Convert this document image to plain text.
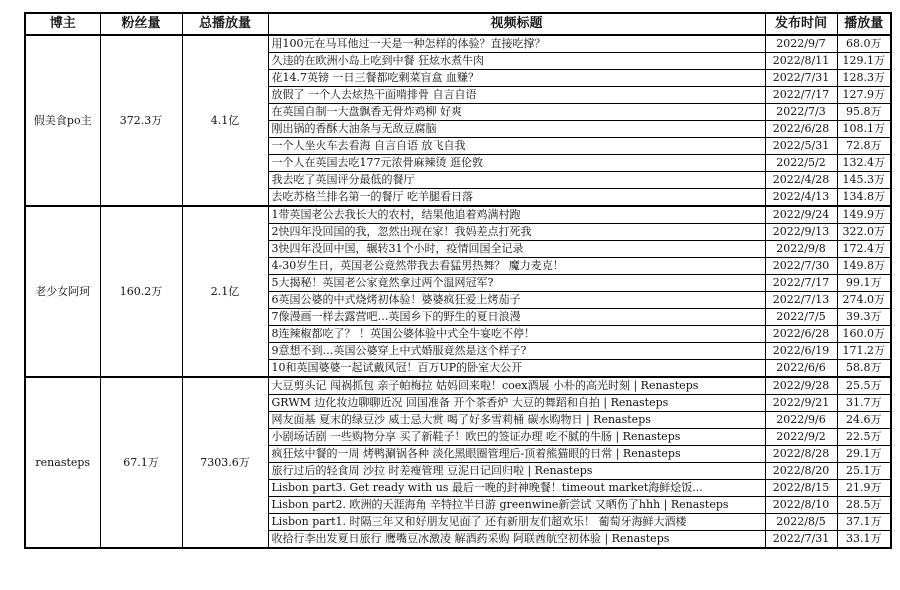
博主	粉丝量	总播放量	视频标题	发布时间	播放量
假美食po主	372.3万	4.1亿	用100元在马耳他过一天是一种怎样的体验？直接吃撑？	2022/9/7	68.0万
			久违的在欧洲小岛上吃到中餐 狂炫水煮牛肉	2022/8/11	129.1万
			花14.7英镑 一日三餐都吃剩菜盲盒 血赚？	2022/7/31	128.3万
			放假了 一个人去炫热干面啃排骨 自言自语	2022/7/17	127.9万
			在英国自制一大盘飘香无骨炸鸡柳 好爽	2022/7/3	95.8万
			刚出锅的香酥大油条与无敌豆腐脑	2022/6/28	108.1万
			一个人坐火车去看海 自言自语 放飞自我	2022/5/31	72.8万
			一个人在英国去吃177元浓骨麻辣烫 逛伦敦	2022/5/2	132.4万
			我去吃了英国评分最低的餐厅	2022/4/28	145.3万
			去吃苏格兰排名第一的餐厅 吃羊腿看日落	2022/4/13	134.8万
老少女阿珂	160.2万	2.1亿	1带英国老公去我长大的农村，结果他追着鸡满村跑	2022/9/24	149.9万
			2快四年没回国的我，忽然出现在家！我妈差点打死我	2022/9/13	322.0万
			3快四年没回中国，辗转31个小时，疫情回国全记录	2022/9/8	172.4万
			4-30岁生日，英国老公竟然带我去看猛男热舞？ 魔力麦克！	2022/7/30	149.8万
			5大揭秘！英国老公家竟然拿过两个温网冠军?	2022/7/17	99.1万
			6英国公婆的中式烧烤初体验！婆婆疯狂爱上烤茄子	2022/7/13	274.0万
			7像漫画一样去露营吧…英国乡下的野生的夏日浪漫	2022/7/5	39.3万
			8连辣椒都吃了？ ！英国公婆体验中式全牛宴吃不停！	2022/6/28	160.0万
			9意想不到…英国公婆穿上中式婚服竟然是这个样子?	2022/6/19	171.2万
			10和英国婆婆一起试戴风冠！百万UP的卧室大公开	2022/6/6	58.8万
renasteps	67.1万	7303.6万	大豆剪头记 闯祸抓包 亲子帕梅拉 姑妈回来啦！coex酒展 小朴的高光时刻 | Renasteps	2022/9/28	25.5万
			GRWM 边化妆边聊聊近况 回国准备 开个茶香炉 大豆的舞蹈和自拍 | Renasteps	2022/9/21	31.7万
			网友面基 夏末的绿豆沙 威士忌大赏 喝了好多雪莉桶 碳水购物日 | Renasteps	2022/9/6	24.6万
			小剧场话剧 一些购物分享 买了新鞋子！欧巴的签证办理 吃不腻的牛肠 | Renasteps	2022/9/2	22.5万
			疯狂炫中餐的一周 烤鸭涮锅各种 淡化黑眼圈管理后-顶着熊猫眼的日常 | Renasteps	2022/8/28	29.1万
			旅行过后的轻食周 沙拉 时差瘦管理 豆泥日记回归啦 | Renasteps	2022/8/20	25.1万
			Lisbon part3. Get ready with us 最后一晚的封神晚餐！timeout market海鲜烩饭...	2022/8/15	21.9万
			Lisbon part2. 欧洲的天涯海角 辛特拉半日游 greenwine新尝试 又晒伤了hhh | Renasteps	2022/8/10	28.5万
			Lisbon part1. 时隔三年又和好朋友见面了 还有新朋友们超欢乐！ 葡萄牙海鲜大酒楼	2022/8/5	37.1万
			收拾行李出发夏日旅行 鹰嘴豆冰激凌 解酒药采购 阿联酋航空初体验 | Renasteps	2022/7/31	33.1万
